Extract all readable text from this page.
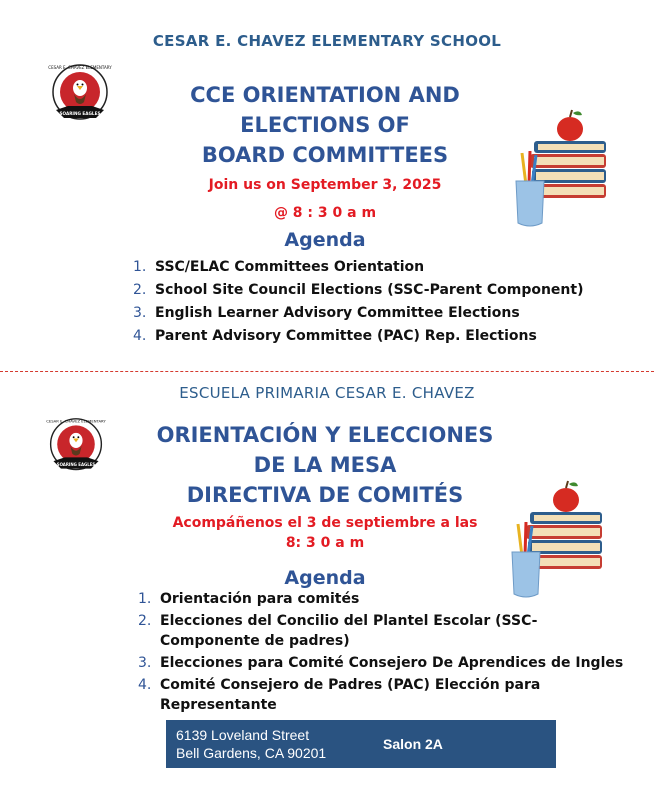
CESAR E. CHAVEZ ELEMENTARY SCHOOL
CESAR E. CHAVEZ ELEMENTARY
SOARING EAGLES
CCE ORIENTATION AND
ELECTIONS OF
BOARD COMMITTEES
Join us on September 3, 2025
@ 8 : 3 0 a m
Agenda
1. SSC/ELAC Committees Orientation
2. School Site Council Elections (SSC-Parent Component)
3. English Learner Advisory Committee Elections
4. Parent Advisory Committee (PAC) Rep. Elections
ESCUELA PRIMARIA CESAR E. CHAVEZ
CESAR E. CHAVEZ ELEMENTARY
SOARING EAGLES
ORIENTACIÓN Y ELECCIONES
DE LA MESA
DIRECTIVA DE COMITÉS
Acompáñenos el 3 de septiembre a las
8: 3 0 a m
Agenda
1. Orientación para comités
2. Elecciones del Concilio del Plantel Escolar (SSC-Componente de padres)
3. Elecciones para Comité Consejero De Aprendices de Ingles
4. Comité Consejero de Padres (PAC) Elección para Representante
6139 Loveland Street
Bell Gardens, CA 90201
Salon 2A
